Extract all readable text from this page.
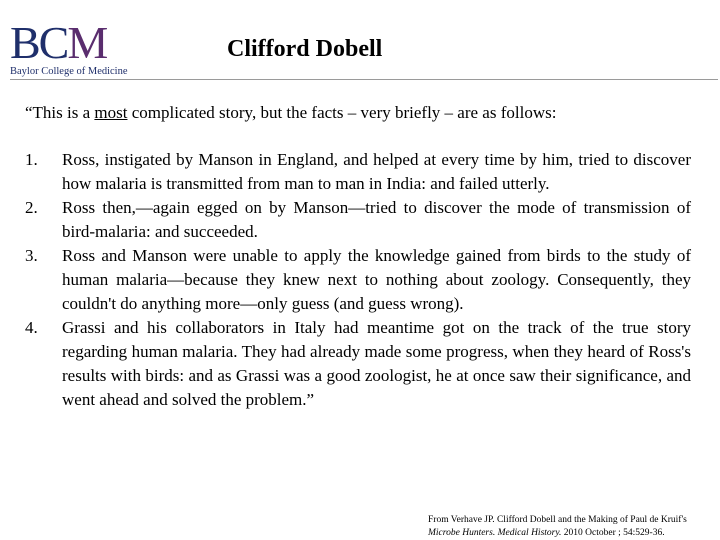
BCM
Baylor College of Medicine
Clifford Dobell
“This is a most complicated story, but the facts – very briefly – are as follows:
1. Ross, instigated by Manson in England, and helped at every time by him, tried to discover how malaria is transmitted from man to man in India: and failed utterly.
2. Ross then,—again egged on by Manson—tried to discover the mode of transmission of bird-malaria: and succeeded.
3. Ross and Manson were unable to apply the knowledge gained from birds to the study of human malaria—because they knew next to nothing about zoology. Consequently, they couldn't do anything more—only guess (and guess wrong).
4. Grassi and his collaborators in Italy had meantime got on the track of the true story regarding human malaria. They had already made some progress, when they heard of Ross's results with birds: and as Grassi was a good zoologist, he at once saw their significance, and went ahead and solved the problem.”
From Verhave JP. Clifford Dobell and the Making of Paul de Kruif's
Microbe Hunters. Medical History. 2010 October ; 54:529-36.
